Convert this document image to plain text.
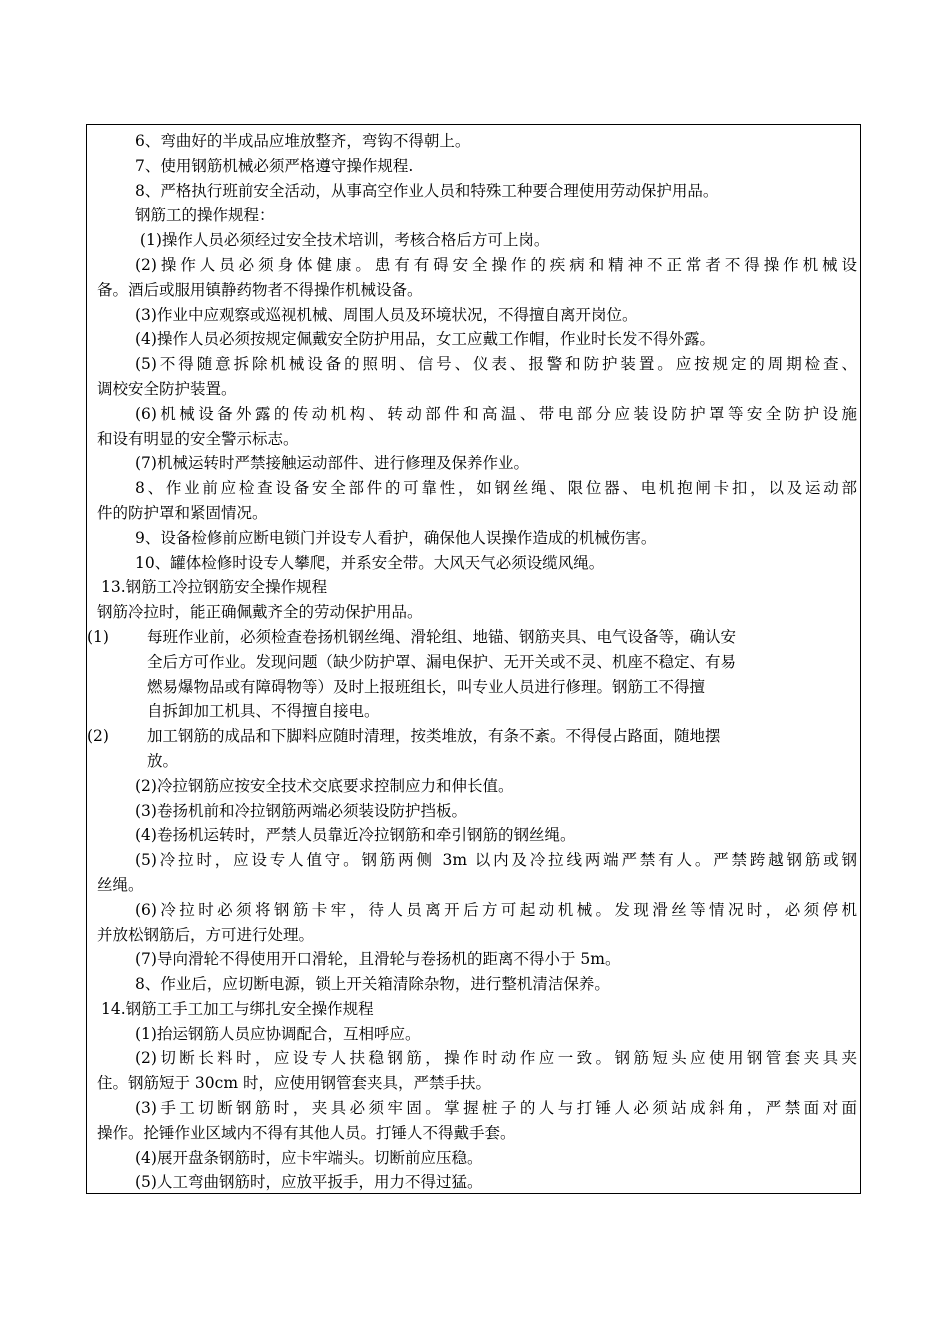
6、弯曲好的半成品应堆放整齐，弯钩不得朝上。
7、使用钢筋机械必须严格遵守操作规程.
8、严格执行班前安全活动，从事高空作业人员和特殊工种要合理使用劳动保护用品。
钢筋工的操作规程：
(1)操作人员必须经过安全技术培训，考核合格后方可上岗。
(2)操作人员必须身体健康。患有有碍安全操作的疾病和精神不正常者不得操作机械设
备。酒后或服用镇静药物者不得操作机械设备。
(3)作业中应观察或巡视机械、周围人员及环境状况，不得擅自离开岗位。
(4)操作人员必须按规定佩戴安全防护用品，女工应戴工作帽，作业时长发不得外露。
(5)不得随意拆除机械设备的照明、信号、仪表、报警和防护装置。应按规定的周期检查、
调校安全防护装置。
(6)机械设备外露的传动机构、转动部件和高温、带电部分应装设防护罩等安全防护设施
和设有明显的安全警示标志。
(7)机械运转时严禁接触运动部件、进行修理及保养作业。
8、作业前应检查设备安全部件的可靠性，如钢丝绳、限位器、电机抱闸卡扣，以及运动部
件的防护罩和紧固情况。
9、设备检修前应断电锁门并设专人看护，确保他人误操作造成的机械伤害。
10、罐体检修时设专人攀爬，并系安全带。大风天气必须设缆风绳。
13.钢筋工冷拉钢筋安全操作规程
钢筋冷拉时，能正确佩戴齐全的劳动保护用品。
(1) 每班作业前，必须检查卷扬机钢丝绳、滑轮组、地锚、钢筋夹具、电气设备等，确认安
全后方可作业。发现问题（缺少防护罩、漏电保护、无开关或不灵、机座不稳定、有易
燃易爆物品或有障碍物等）及时上报班组长，叫专业人员进行修理。钢筋工不得擅
自拆卸加工机具、不得擅自接电。
(2) 加工钢筋的成品和下脚料应随时清理，按类堆放，有条不紊。不得侵占路面，随地摆
放。
(2)冷拉钢筋应按安全技术交底要求控制应力和伸长值。
(3)卷扬机前和冷拉钢筋两端必须装设防护挡板。
(4)卷扬机运转时，严禁人员靠近冷拉钢筋和牵引钢筋的钢丝绳。
(5)冷拉时，应设专人值守。钢筋两侧 3m 以内及冷拉线两端严禁有人。严禁跨越钢筋或钢
丝绳。
(6)冷拉时必须将钢筋卡牢，待人员离开后方可起动机械。发现滑丝等情况时，必须停机
并放松钢筋后，方可进行处理。
(7)导向滑轮不得使用开口滑轮，且滑轮与卷扬机的距离不得小于 5m。
8、作业后，应切断电源，锁上开关箱清除杂物，进行整机清洁保养。
14.钢筋工手工加工与绑扎安全操作规程
(1)抬运钢筋人员应协调配合，互相呼应。
(2)切断长料时，应设专人扶稳钢筋，操作时动作应一致。钢筋短头应使用钢管套夹具夹
住。钢筋短于 30cm 时，应使用钢管套夹具，严禁手扶。
(3)手工切断钢筋时，夹具必须牢固。掌握桩子的人与打锤人必须站成斜角，严禁面对面
操作。抡锤作业区域内不得有其他人员。打锤人不得戴手套。
(4)展开盘条钢筋时，应卡牢端头。切断前应压稳。
(5)人工弯曲钢筋时，应放平扳手，用力不得过猛。
